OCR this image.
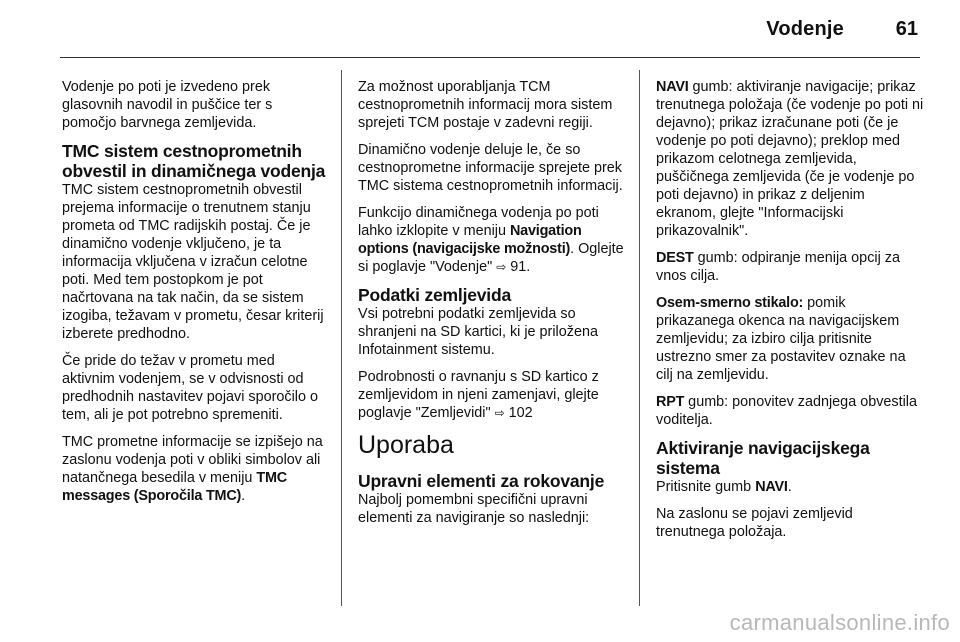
Vodenje	61

Vodenje po poti je izvedeno prek glasovnih navodil in puščice ter s pomočjo barvnega zemljevida.

TMC sistem cestnoprometnih obvestil in dinamičnega vodenja

TMC sistem cestnoprometnih obvestil prejema informacije o trenutnem stanju prometa od TMC radijskih postaj. Če je dinamično vodenje vključeno, je ta informacija vključena v izračun celotne poti. Med tem postopkom je pot načrtovana na tak način, da se sistem izogiba, težavam v prometu, česar kriterij izberete predhodno.

Če pride do težav v prometu med aktivnim vodenjem, se v odvisnosti od predhodnih nastavitev pojavi sporočilo o tem, ali je pot potrebno spremeniti.

TMC prometne informacije se izpišejo na zaslonu vodenja poti v obliki simbolov ali natančnega besedila v meniju TMC messages (Sporočila TMC).

Za možnost uporabljanja TCM cestnoprometnih informacij mora sistem sprejeti TCM postaje v zadevni regiji.

Dinamično vodenje deluje le, če so cestnoprometne informacije sprejete prek TMC sistema cestnoprometnih informacij.

Funkcijo dinamičnega vodenja po poti lahko izklopite v meniju Navigation options (navigacijske možnosti). Oglejte si poglavje "Vodenje" ⇨ 91.

Podatki zemljevida

Vsi potrebni podatki zemljevida so shranjeni na SD kartici, ki je priložena Infotainment sistemu.

Podrobnosti o ravnanju s SD kartico z zemljevidom in njeni zamenjavi, glejte poglavje "Zemljevidi" ⇨ 102

Uporaba
Upravni elementi za rokovanje

Najbolj pomembni specifični upravni elementi za navigiranje so naslednji:

NAVI gumb: aktiviranje navigacije; prikaz trenutnega položaja (če vodenje po poti ni dejavno); prikaz izračunane poti (če je vodenje po poti dejavno); preklop med prikazom celotnega zemljevida, puščičnega zemljevida (če je vodenje po poti dejavno) in prikaz z deljenim ekranom, glejte "Informacijski prikazovalnik".

DEST gumb: odpiranje menija opcij za vnos cilja.

Osem-smerno stikalo: pomik prikazanega okenca na navigacijskem zemljevidu; za izbiro cilja pritisnite ustrezno smer za postavitev oznake na cilj na zemljevidu.

RPT gumb: ponovitev zadnjega obvestila voditelja.

Aktiviranje navigacijskega sistema

Pritisnite gumb NAVI.

Na zaslonu se pojavi zemljevid trenutnega položaja.

carmanualsonline.info
